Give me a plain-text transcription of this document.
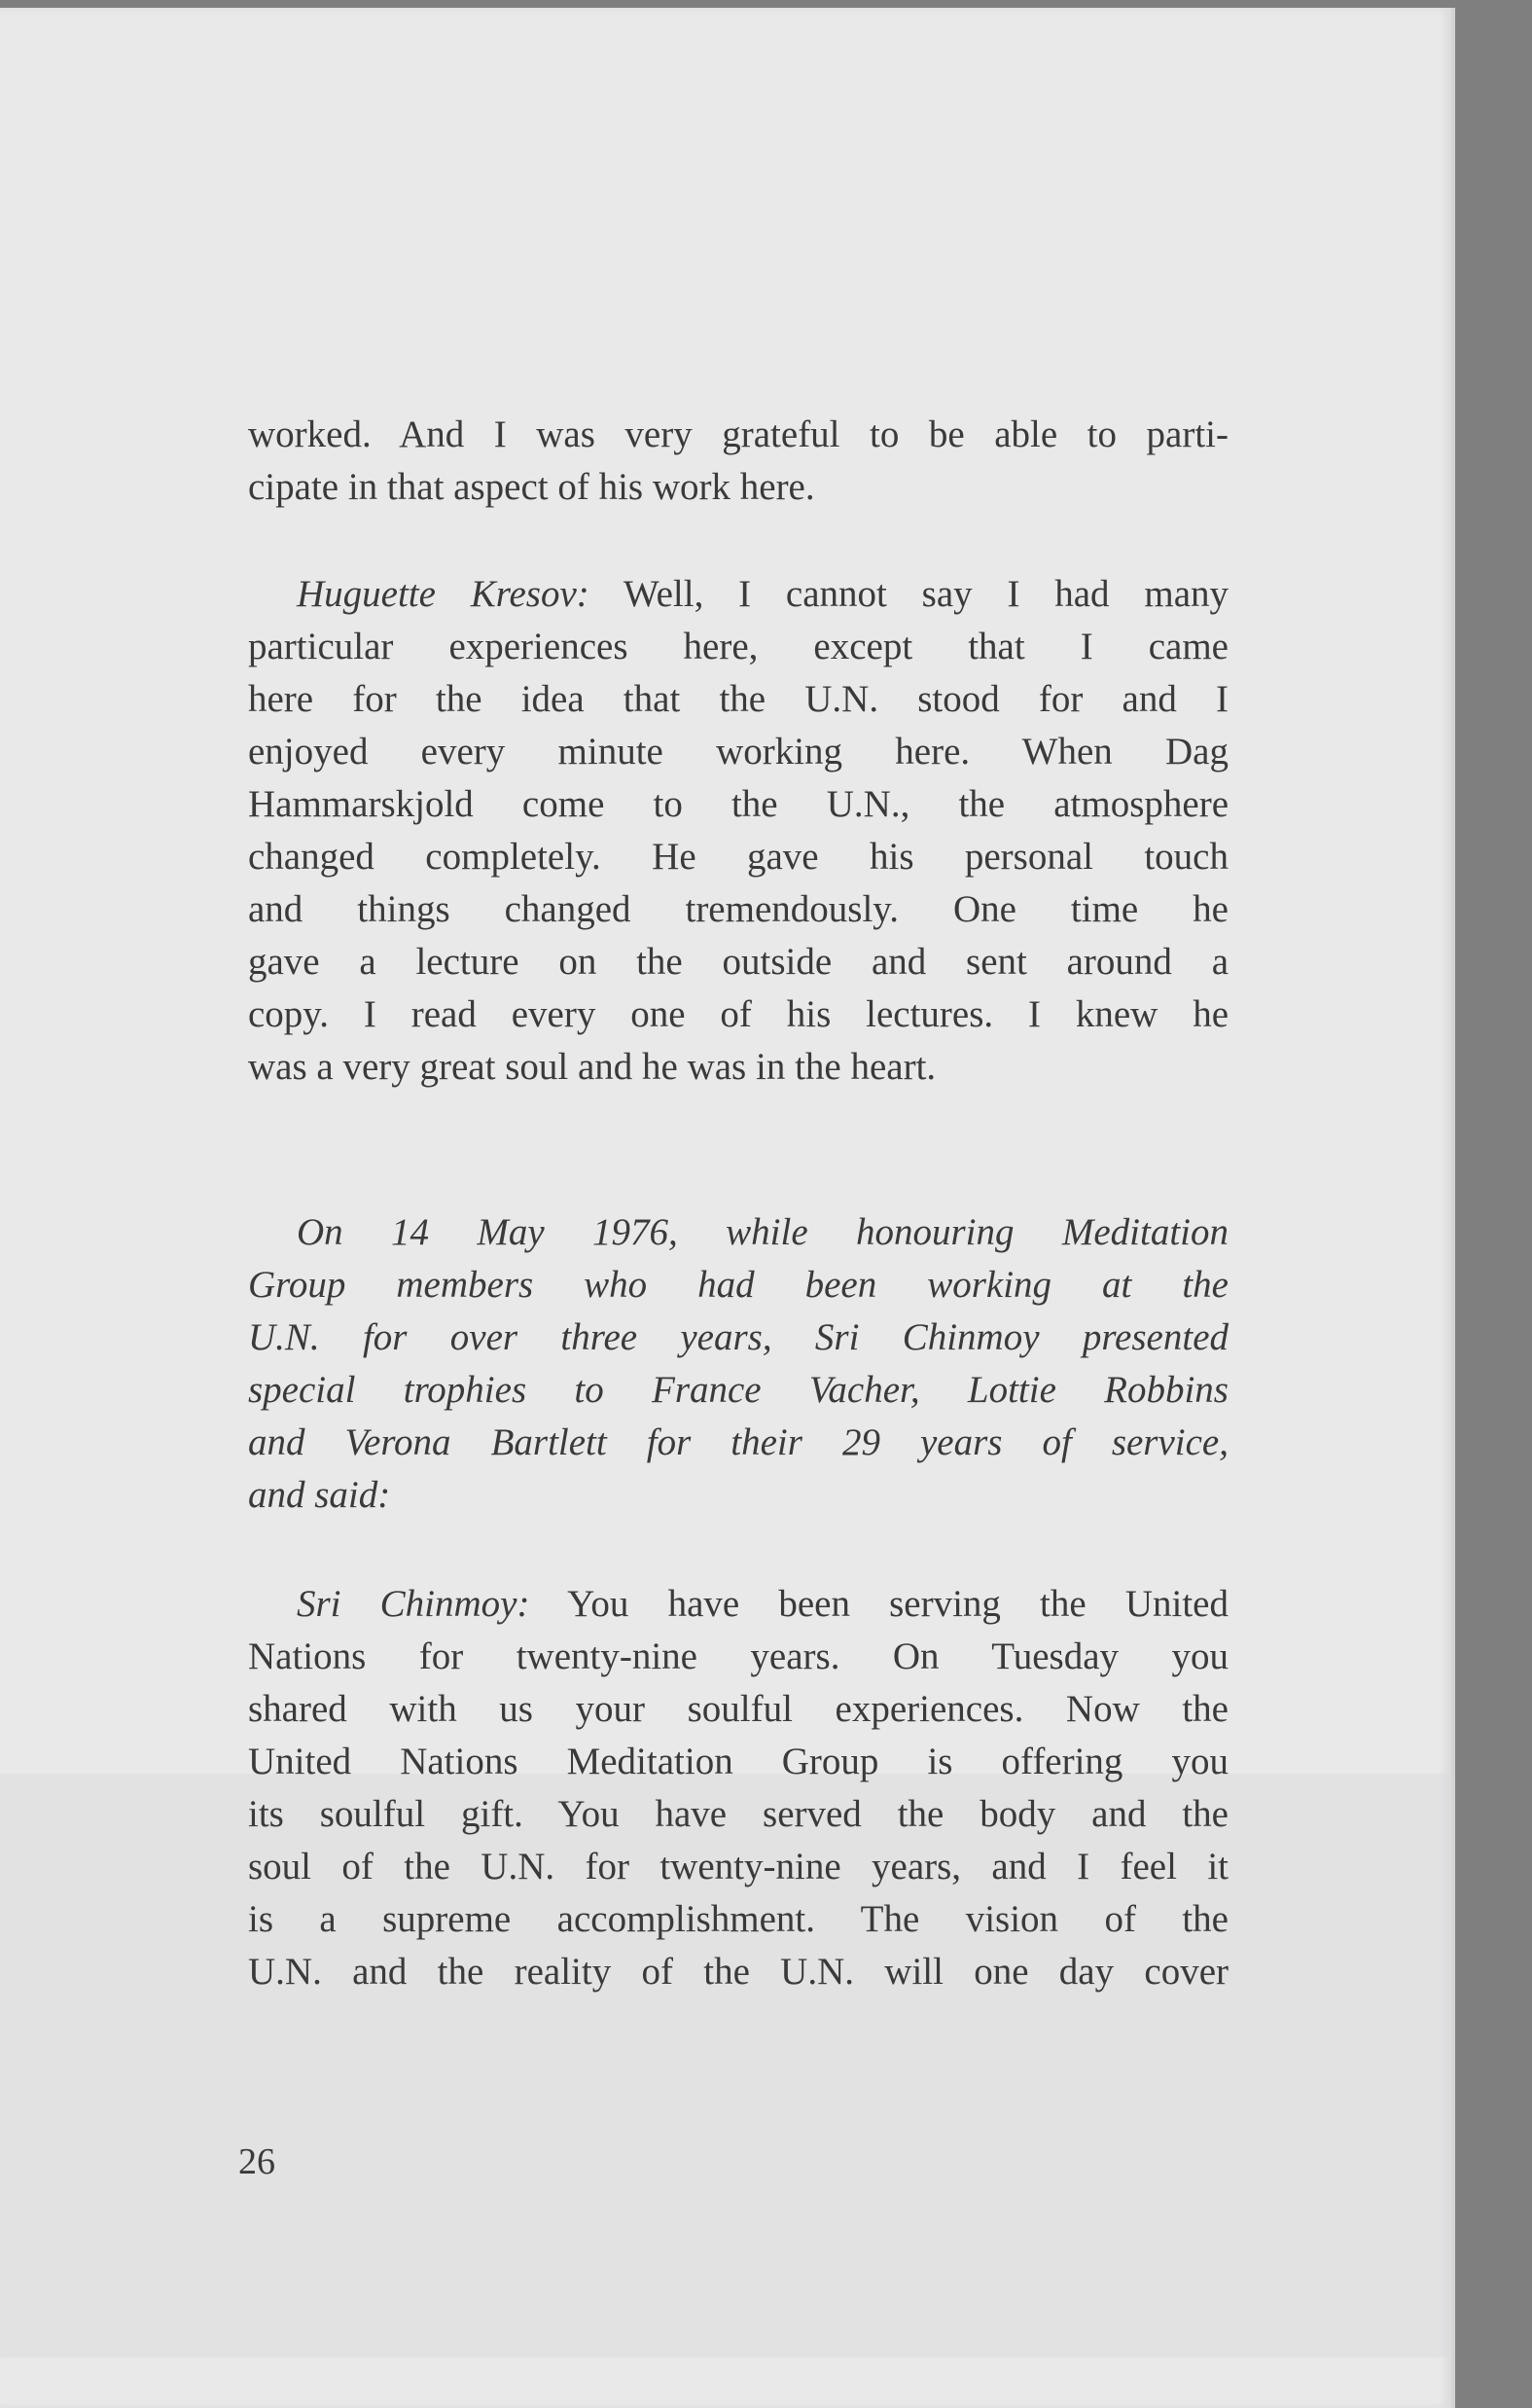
worked. And I was very grateful to be able to parti-
cipate in that aspect of his work here.
Huguette Kresov: Well, I cannot say I had many
particular experiences here, except that I came
here for the idea that the U.N. stood for and I
enjoyed every minute working here. When Dag
Hammarskjold come to the U.N., the atmosphere
changed completely. He gave his personal touch
and things changed tremendously. One time he
gave a lecture on the outside and sent around a
copy. I read every one of his lectures. I knew he
was a very great soul and he was in the heart.
On 14 May 1976, while honouring Meditation
Group members who had been working at the
U.N. for over three years, Sri Chinmoy presented
special trophies to France Vacher, Lottie Robbins
and Verona Bartlett for their 29 years of service,
and said:
Sri Chinmoy: You have been serving the United
Nations for twenty-nine years. On Tuesday you
shared with us your soulful experiences. Now the
United Nations Meditation Group is offering you
its soulful gift. You have served the body and the
soul of the U.N. for twenty-nine years, and I feel it
is a supreme accomplishment. The vision of the
U.N. and the reality of the U.N. will one day cover
26
